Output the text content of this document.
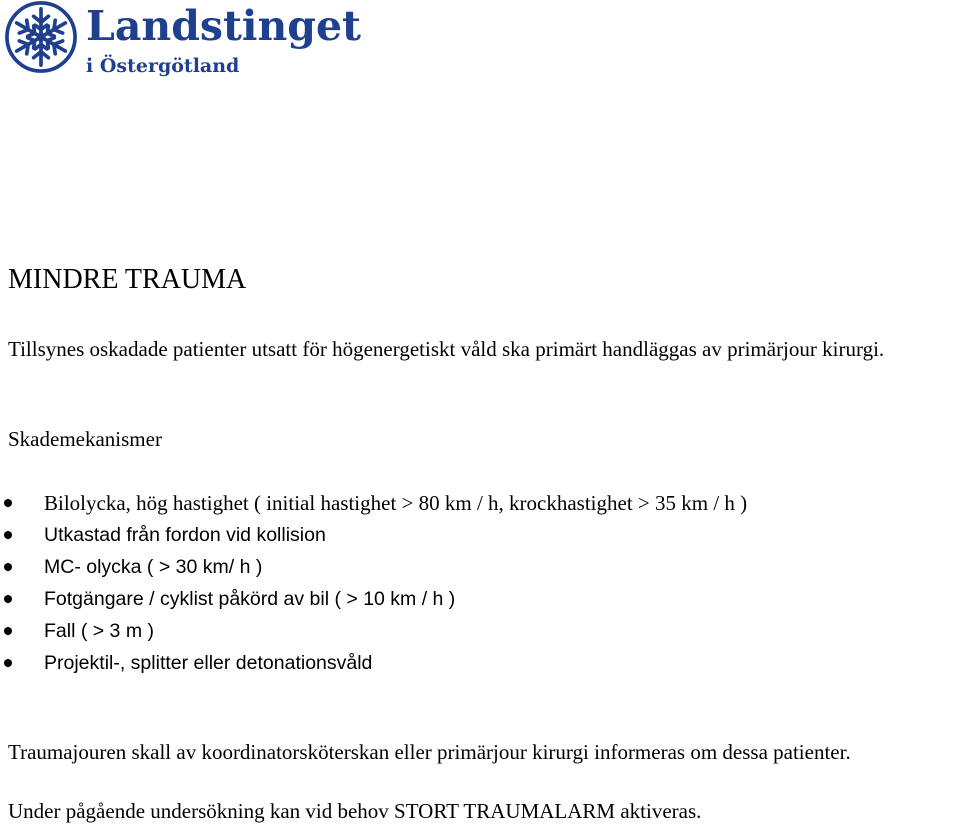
Landstinget
i Östergötland
MINDRE TRAUMA

Tillsynes oskadade patienter utsatt för högenergetiskt våld ska primärt handläggas av primärjour kirurgi.

Skademekanismer

Bilolycka, hög hastighet ( initial hastighet > 80 km / h, krockhastighet > 35 km / h )
Utkastad från fordon vid kollision
MC- olycka ( > 30 km/ h )
Fotgängare / cyklist påkörd av bil ( > 10 km / h )
Fall ( > 3 m )
Projektil-, splitter eller detonationsvåld

Traumajouren skall av koordinatorsköterskan eller primärjour kirurgi informeras om dessa patienter.

Under pågående undersökning kan vid behov STORT TRAUMALARM aktiveras.
